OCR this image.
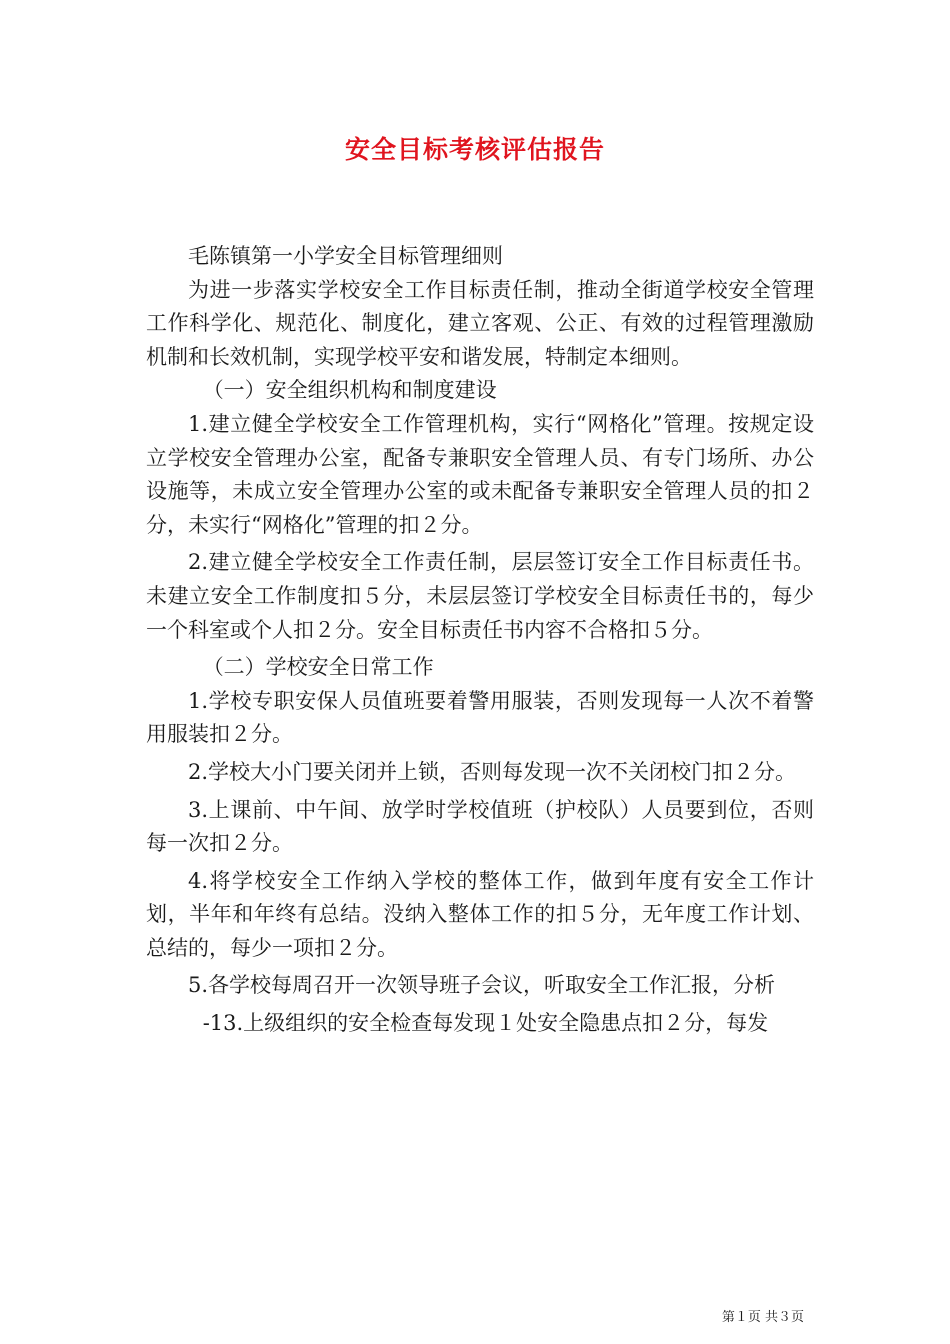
安全目标考核评估报告

毛陈镇第一小学安全目标管理细则

为进一步落实学校安全工作目标责任制，推动全街道学校安全管理工作科学化、规范化、制度化，建立客观、公正、有效的过程管理激励机制和长效机制，实现学校平安和谐发展，特制定本细则。

（一）安全组织机构和制度建设

1.建立健全学校安全工作管理机构，实行“网格化”管理。按规定设立学校安全管理办公室，配备专兼职安全管理人员、有专门场所、办公设施等，未成立安全管理办公室的或未配备专兼职安全管理人员的扣２分，未实行“网格化”管理的扣２分。

2.建立健全学校安全工作责任制，层层签订安全工作目标责任书。未建立安全工作制度扣５分，未层层签订学校安全目标责任书的，每少一个科室或个人扣２分。安全目标责任书内容不合格扣５分。

（二）学校安全日常工作

1.学校专职安保人员值班要着警用服装，否则发现每一人次不着警用服装扣２分。

2.学校大小门要关闭并上锁，否则每发现一次不关闭校门扣２分。

3.上课前、中午间、放学时学校值班（护校队）人员要到位，否则每一次扣２分。

4.将学校安全工作纳入学校的整体工作，做到年度有安全工作计划，半年和年终有总结。没纳入整体工作的扣５分，无年度工作计划、总结的，每少一项扣２分。

5.各学校每周召开一次领导班子会议，听取安全工作汇报，分析

-13.上级组织的安全检查每发现１处安全隐患点扣２分，每发

第１页 共３页
